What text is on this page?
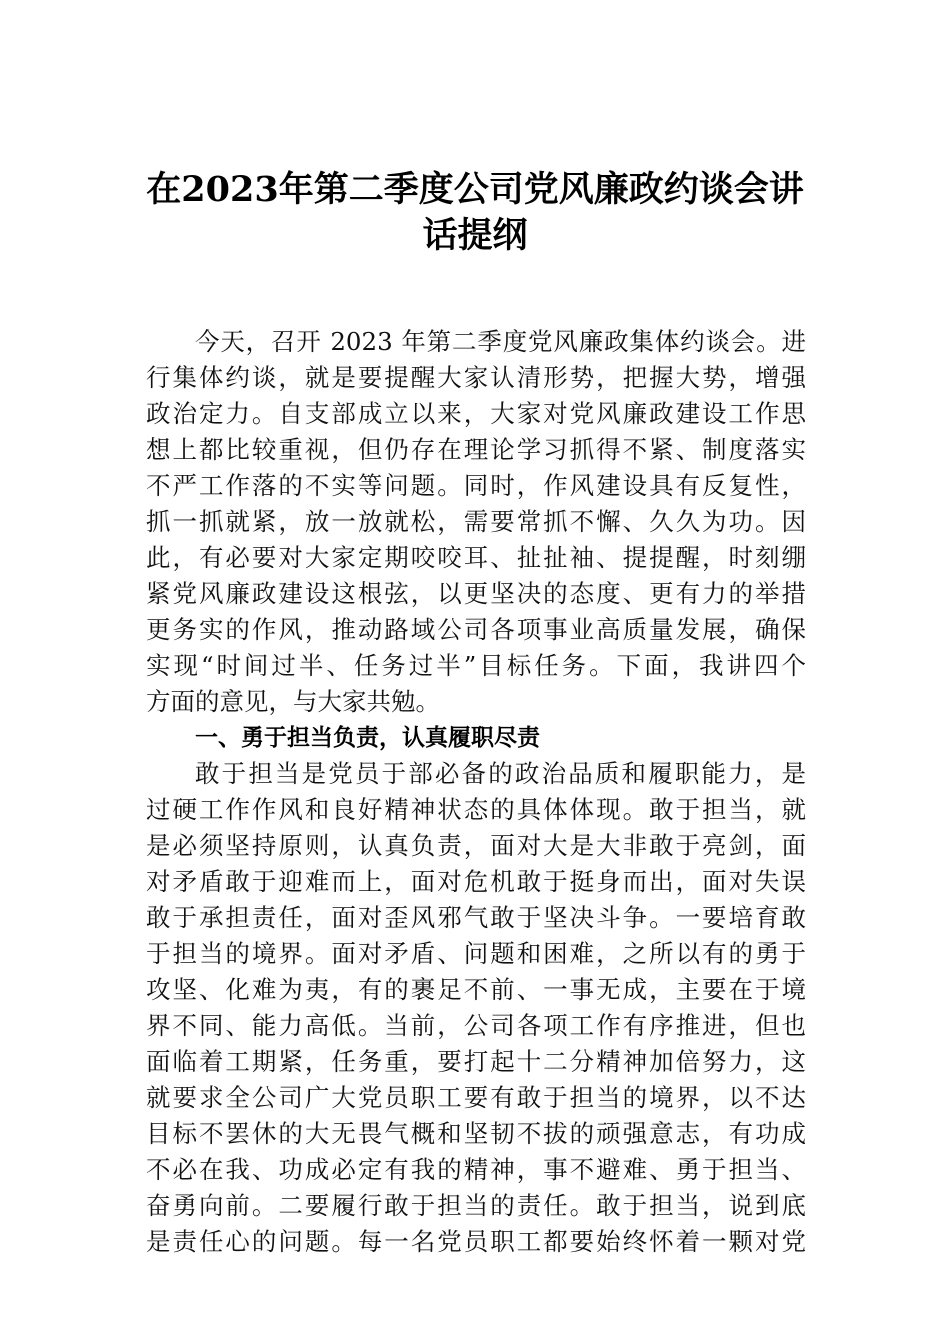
在2023年第二季度公司党风廉政约谈会讲
话提纲
今天，召开 2023 年第二季度党风廉政集体约谈会。进
行集体约谈，就是要提醒大家认清形势，把握大势，增强
政治定力。自支部成立以来，大家对党风廉政建设工作思
想上都比较重视，但仍存在理论学习抓得不紧、制度落实
不严工作落的不实等问题。同时，作风建设具有反复性，
抓一抓就紧，放一放就松，需要常抓不懈、久久为功。因
此，有必要对大家定期咬咬耳、扯扯袖、提提醒，时刻绷
紧党风廉政建设这根弦，以更坚决的态度、更有力的举措
更务实的作风，推动路域公司各项事业高质量发展，确保
实现“时间过半、任务过半”目标任务。下面，我讲四个
方面的意见，与大家共勉。
一、勇于担当负责，认真履职尽责
敢于担当是党员于部必备的政治品质和履职能力，是
过硬工作作风和良好精神状态的具体体现。敢于担当，就
是必须坚持原则，认真负责，面对大是大非敢于亮剑，面
对矛盾敢于迎难而上，面对危机敢于挺身而出，面对失误
敢于承担责任，面对歪风邪气敢于坚决斗争。一要培育敢
于担当的境界。面对矛盾、问题和困难，之所以有的勇于
攻坚、化难为夷，有的裹足不前、一事无成，主要在于境
界不同、能力高低。当前，公司各项工作有序推进，但也
面临着工期紧，任务重，要打起十二分精神加倍努力，这
就要求全公司广大党员职工要有敢于担当的境界，以不达
目标不罢休的大无畏气概和坚韧不拔的顽强意志，有功成
不必在我、功成必定有我的精神，事不避难、勇于担当、
奋勇向前。二要履行敢于担当的责任。敢于担当，说到底
是责任心的问题。每一名党员职工都要始终怀着一颗对党
